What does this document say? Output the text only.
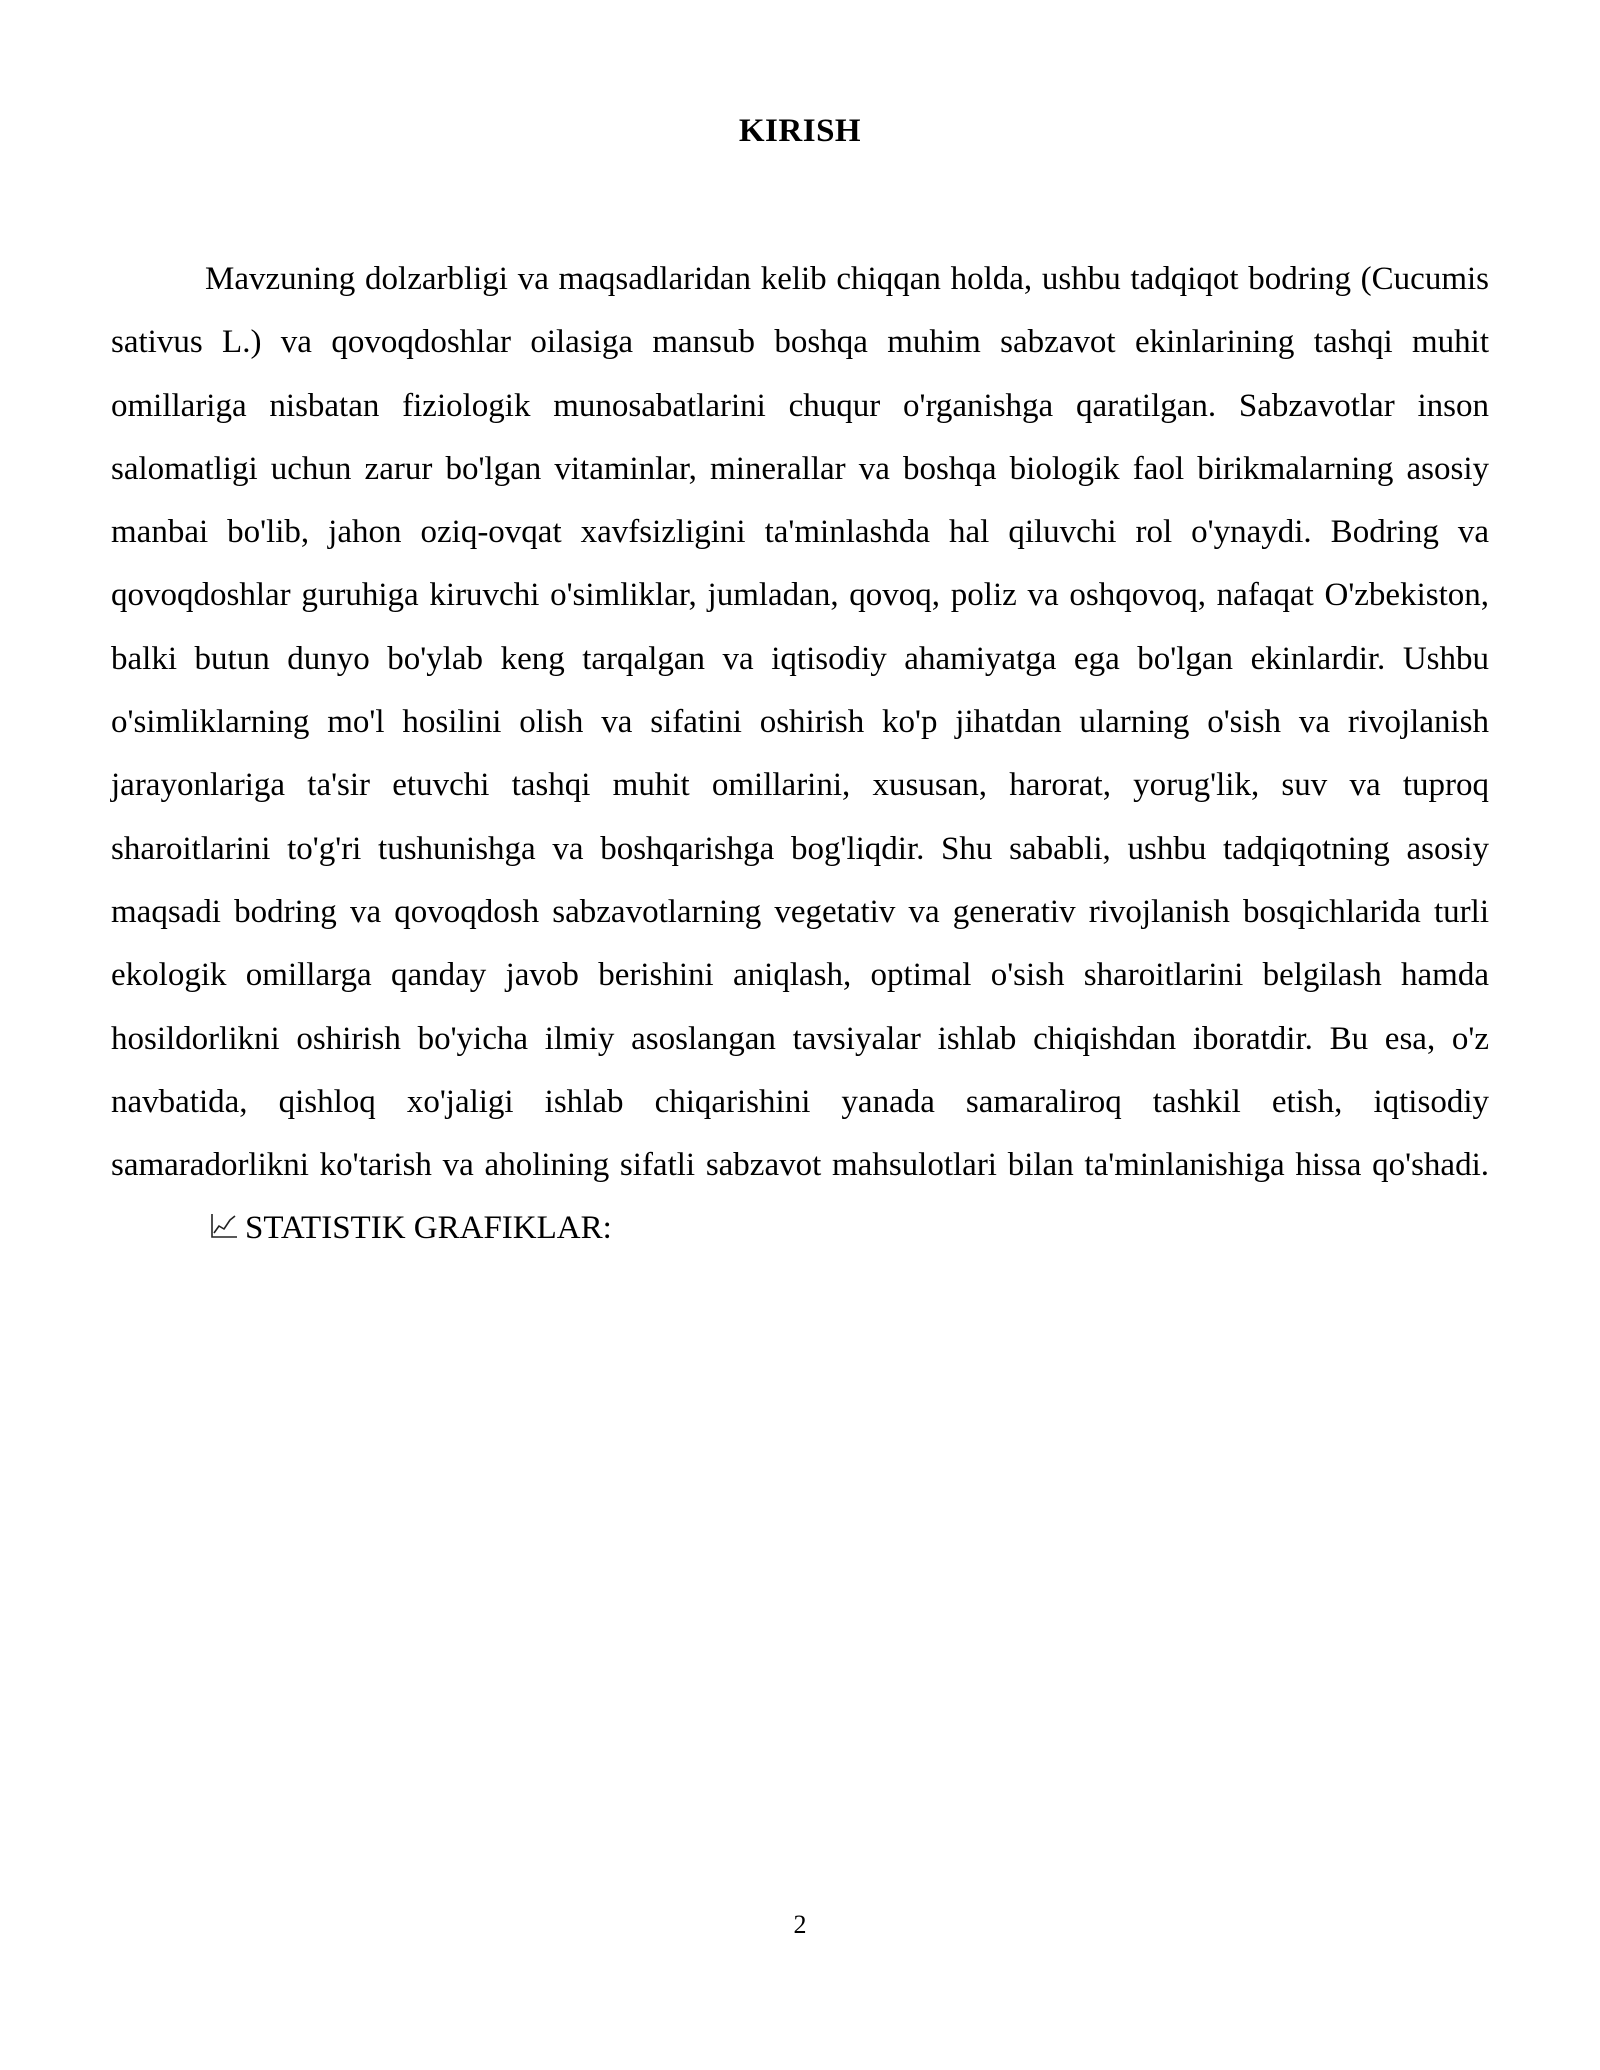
KIRISH

Mavzuning dolzarbligi va maqsadlaridan kelib chiqqan holda, ushbu tadqiqot bodring (Cucumis sativus L.) va qovoqdoshlar oilasiga mansub boshqa muhim sabzavot ekinlarining tashqi muhit omillariga nisbatan fiziologik munosabatlarini chuqur o'rganishga qaratilgan. Sabzavotlar inson salomatligi uchun zarur bo'lgan vitaminlar, minerallar va boshqa biologik faol birikmalarning asosiy manbai bo'lib, jahon oziq-ovqat xavfsizligini ta'minlashda hal qiluvchi rol o'ynaydi. Bodring va qovoqdoshlar guruhiga kiruvchi o'simliklar, jumladan, qovoq, poliz va oshqovoq, nafaqat O'zbekiston, balki butun dunyo bo'ylab keng tarqalgan va iqtisodiy ahamiyatga ega bo'lgan ekinlardir. Ushbu o'simliklarning mo'l hosilini olish va sifatini oshirish ko'p jihatdan ularning o'sish va rivojlanish jarayonlariga ta'sir etuvchi tashqi muhit omillarini, xususan, harorat, yorug'lik, suv va tuproq sharoitlarini to'g'ri tushunishga va boshqarishga bog'liqdir. Shu sababli, ushbu tadqiqotning asosiy maqsadi bodring va qovoqdosh sabzavotlarning vegetativ va generativ rivojlanish bosqichlarida turli ekologik omillarga qanday javob berishini aniqlash, optimal o'sish sharoitlarini belgilash hamda hosildorlikni oshirish bo'yicha ilmiy asoslangan tavsiyalar ishlab chiqishdan iboratdir. Bu esa, o'z navbatida, qishloq xo'jaligi ishlab chiqarishini yanada samaraliroq tashkil etish, iqtisodiy samaradorlikni ko'tarish va aholining sifatli sabzavot mahsulotlari bilan ta'minlanishiga hissa qo'shadi. STATISTIK GRAFIKLAR:

2
